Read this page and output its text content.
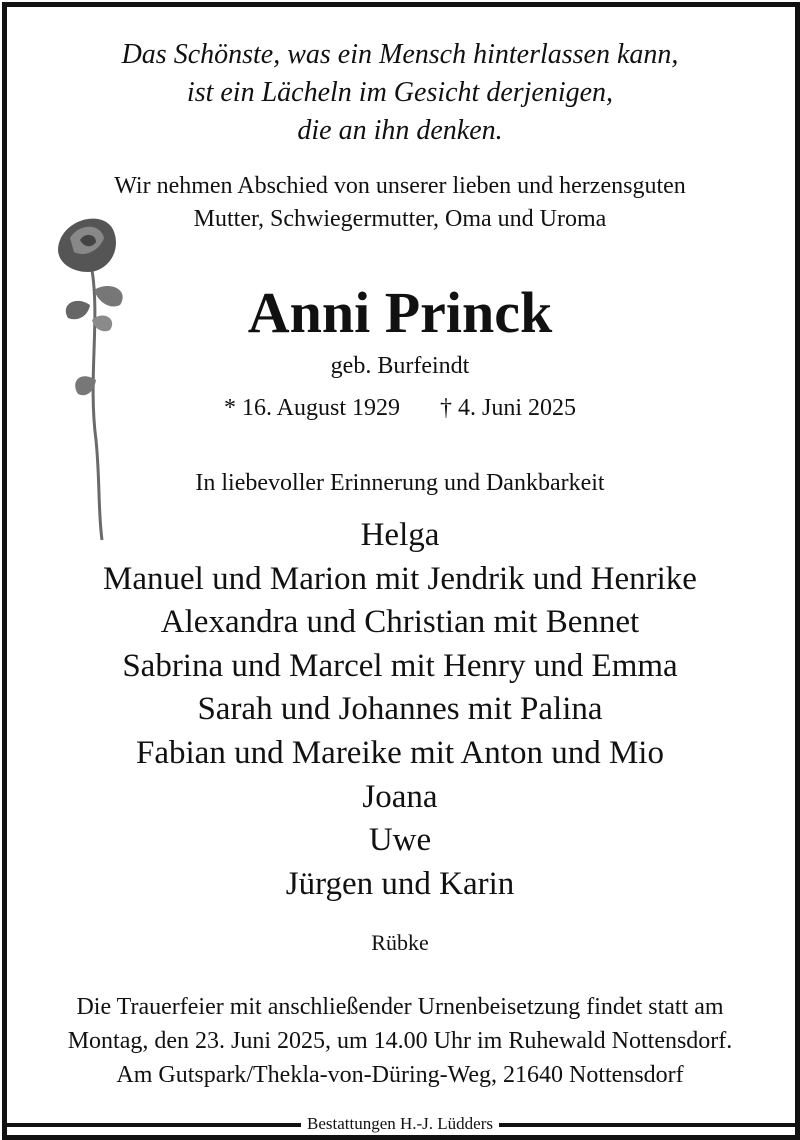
Das Schönste, was ein Mensch hinterlassen kann,
ist ein Lächeln im Gesicht derjenigen,
die an ihn denken.
Wir nehmen Abschied von unserer lieben und herzensguten
Mutter, Schwiegermutter, Oma und Uroma
Anni Princk
geb. Burfeindt
* 16. August 1929 † 4. Juni 2025
In liebevoller Erinnerung und Dankbarkeit
Helga
Manuel und Marion mit Jendrik und Henrike
Alexandra und Christian mit Bennet
Sabrina und Marcel mit Henry und Emma
Sarah und Johannes mit Palina
Fabian und Mareike mit Anton und Mio
Joana
Uwe
Jürgen und Karin
Rübke
Die Trauerfeier mit anschließender Urnenbeisetzung findet statt am
Montag, den 23. Juni 2025, um 14.00 Uhr im Ruhewald Nottensdorf.
Am Gutspark/Thekla-von-Düring-Weg, 21640 Nottensdorf
Bestattungen H.-J. Lüdders
